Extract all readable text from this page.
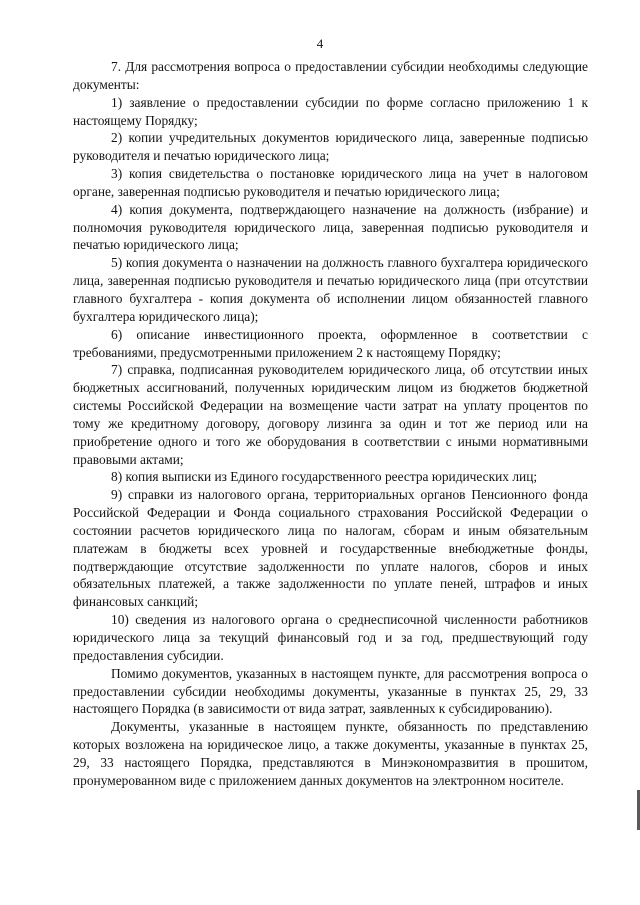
4

7. Для рассмотрения вопроса о предоставлении субсидии необходимы следующие документы:

1) заявление о предоставлении субсидии по форме согласно приложению 1 к настоящему Порядку;

2) копии учредительных документов юридического лица, заверенные подписью руководителя и печатью юридического лица;

3) копия свидетельства о постановке юридического лица на учет в налоговом органе, заверенная подписью руководителя и печатью юридического лица;

4) копия документа, подтверждающего назначение на должность (избрание) и полномочия руководителя юридического лица, заверенная подписью руководителя и печатью юридического лица;

5) копия документа о назначении на должность главного бухгалтера юридического лица, заверенная подписью руководителя и печатью юридического лица (при отсутствии главного бухгалтера - копия документа об исполнении лицом обязанностей главного бухгалтера юридического лица);

6) описание инвестиционного проекта, оформленное в соответствии с требованиями, предусмотренными приложением 2 к настоящему Порядку;

7) справка, подписанная руководителем юридического лица, об отсутствии иных бюджетных ассигнований, полученных юридическим лицом из бюджетов бюджетной системы Российской Федерации на возмещение части затрат на уплату процентов по тому же кредитному договору, договору лизинга за один и тот же период или на приобретение одного и того же оборудования в соответствии с иными нормативными правовыми актами;

8) копия выписки из Единого государственного реестра юридических лиц;

9) справки из налогового органа, территориальных органов Пенсионного фонда Российской Федерации и Фонда социального страхования Российской Федерации о состоянии расчетов юридического лица по налогам, сборам и иным обязательным платежам в бюджеты всех уровней и государственные внебюджетные фонды, подтверждающие отсутствие задолженности по уплате налогов, сборов и иных обязательных платежей, а также задолженности по уплате пеней, штрафов и иных финансовых санкций;

10) сведения из налогового органа о среднесписочной численности работников юридического лица за текущий финансовый год и за год, предшествующий году предоставления субсидии.

Помимо документов, указанных в настоящем пункте, для рассмотрения вопроса о предоставлении субсидии необходимы документы, указанные в пунктах 25, 29, 33 настоящего Порядка (в зависимости от вида затрат, заявленных к субсидированию).

Документы, указанные в настоящем пункте, обязанность по представлению которых возложена на юридическое лицо, а также документы, указанные в пунктах 25, 29, 33 настоящего Порядка, представляются в Минэкономразвития в прошитом, пронумерованном виде с приложением данных документов на электронном носителе.
